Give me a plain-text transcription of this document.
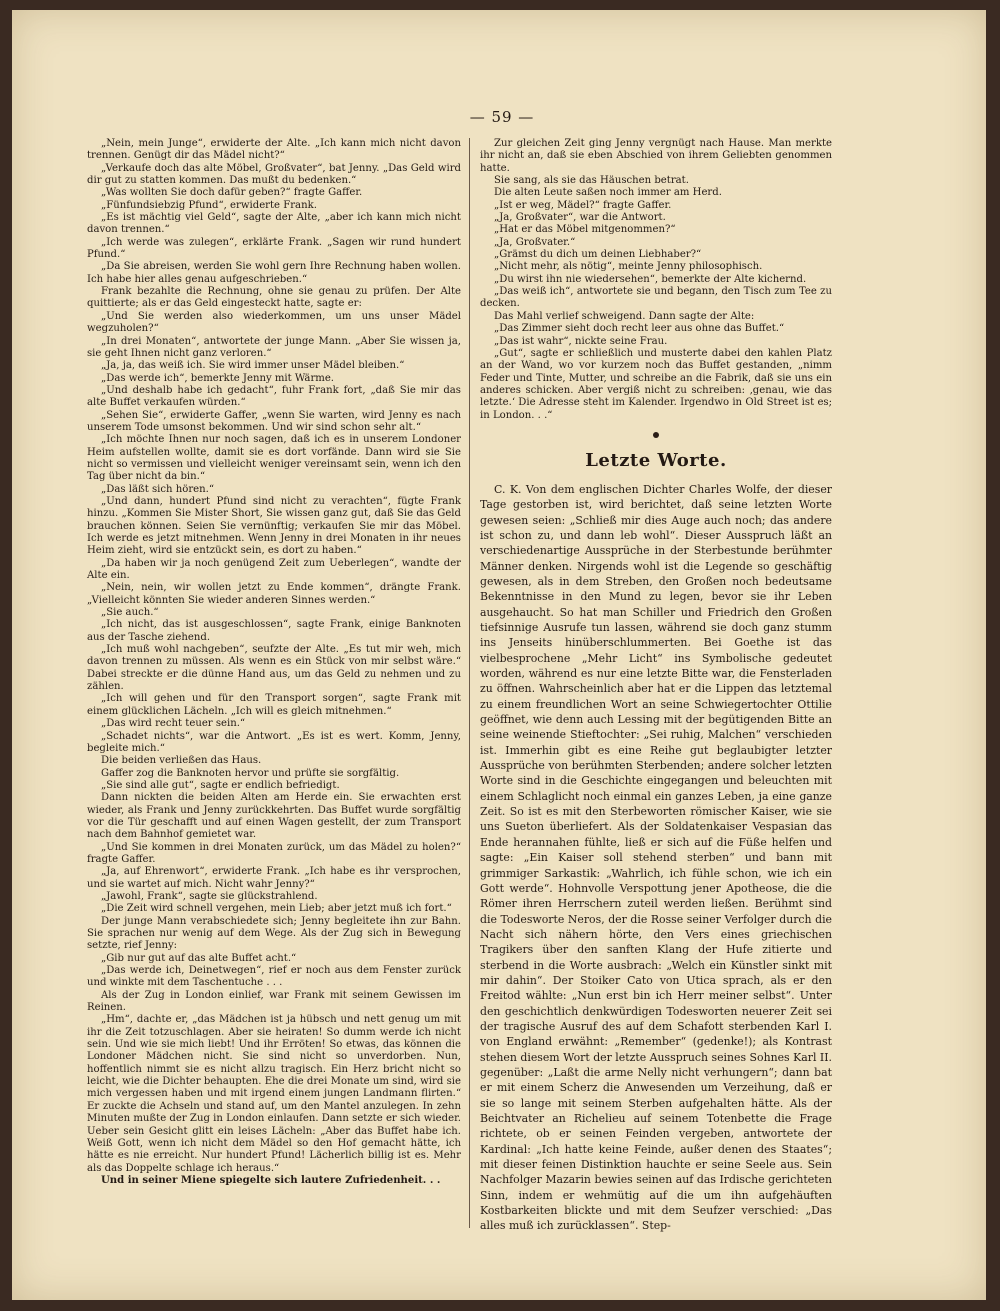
— 59 —

„Nein, mein Junge“, erwiderte der Alte. „Ich kann mich nicht davon trennen. Genügt dir das Mädel nicht?“

„Verkaufe doch das alte Möbel, Großvater“, bat Jenny. „Das Geld wird dir gut zu statten kommen. Das mußt du bedenken.“

„Was wollten Sie doch dafür geben?“ fragte Gaffer.

„Fünfundsiebzig Pfund“, erwiderte Frank.

„Es ist mächtig viel Geld“, sagte der Alte, „aber ich kann mich nicht davon trennen.“

„Ich werde was zulegen“, erklärte Frank. „Sagen wir rund hundert Pfund.“

„Da Sie abreisen, werden Sie wohl gern Ihre Rechnung haben wollen. Ich habe hier alles genau aufgeschrieben.“

Frank bezahlte die Rechnung, ohne sie genau zu prüfen. Der Alte quittierte; als er das Geld eingesteckt hatte, sagte er:

„Und Sie werden also wiederkommen, um uns unser Mädel wegzuholen?“

„In drei Monaten“, antwortete der junge Mann. „Aber Sie wissen ja, sie geht Ihnen nicht ganz verloren.“

„Ja, ja, das weiß ich. Sie wird immer unser Mädel bleiben.“

„Das werde ich“, bemerkte Jenny mit Wärme.

„Und deshalb habe ich gedacht“, fuhr Frank fort, „daß Sie mir das alte Buffet verkaufen würden.“

„Sehen Sie“, erwiderte Gaffer, „wenn Sie warten, wird Jenny es nach unserem Tode umsonst bekommen. Und wir sind schon sehr alt.“

„Ich möchte Ihnen nur noch sagen, daß ich es in unserem Londoner Heim aufstellen wollte, damit sie es dort vorfände. Dann wird sie Sie nicht so vermissen und vielleicht weniger vereinsamt sein, wenn ich den Tag über nicht da bin.“

„Das läßt sich hören.“

„Und dann, hundert Pfund sind nicht zu verachten“, fügte Frank hinzu. „Kommen Sie Mister Short, Sie wissen ganz gut, daß Sie das Geld brauchen können. Seien Sie vernünftig; verkaufen Sie mir das Möbel. Ich werde es jetzt mitnehmen. Wenn Jenny in drei Monaten in ihr neues Heim zieht, wird sie entzückt sein, es dort zu haben.“

„Da haben wir ja noch genügend Zeit zum Ueberlegen“, wandte der Alte ein.

„Nein, nein, wir wollen jetzt zu Ende kommen“, drängte Frank. „Vielleicht könnten Sie wieder anderen Sinnes werden.“

„Sie auch.“

„Ich nicht, das ist ausgeschlossen“, sagte Frank, einige Banknoten aus der Tasche ziehend.

„Ich muß wohl nachgeben“, seufzte der Alte. „Es tut mir weh, mich davon trennen zu müssen. Als wenn es ein Stück von mir selbst wäre.“ Dabei streckte er die dünne Hand aus, um das Geld zu nehmen und zu zählen.

„Ich will gehen und für den Transport sorgen“, sagte Frank mit einem glücklichen Lächeln. „Ich will es gleich mitnehmen.“

„Das wird recht teuer sein.“

„Schadet nichts“, war die Antwort. „Es ist es wert. Komm, Jenny, begleite mich.“

Die beiden verließen das Haus.

Gaffer zog die Banknoten hervor und prüfte sie sorgfältig.

„Sie sind alle gut“, sagte er endlich befriedigt.

Dann nickten die beiden Alten am Herde ein. Sie erwachten erst wieder, als Frank und Jenny zurückkehrten. Das Buffet wurde sorgfältig vor die Tür geschafft und auf einen Wagen gestellt, der zum Transport nach dem Bahnhof gemietet war.

„Und Sie kommen in drei Monaten zurück, um das Mädel zu holen?“ fragte Gaffer.

„Ja, auf Ehrenwort“, erwiderte Frank. „Ich habe es ihr versprochen, und sie wartet auf mich. Nicht wahr Jenny?“

„Jawohl, Frank“, sagte sie glückstrahlend.

„Die Zeit wird schnell vergehen, mein Lieb; aber jetzt muß ich fort.“

Der junge Mann verabschiedete sich; Jenny begleitete ihn zur Bahn. Sie sprachen nur wenig auf dem Wege. Als der Zug sich in Bewegung setzte, rief Jenny:

„Gib nur gut auf das alte Buffet acht.“

„Das werde ich, Deinetwegen“, rief er noch aus dem Fenster zurück und winkte mit dem Taschentuche . . .

Als der Zug in London einlief, war Frank mit seinem Gewissen im Reinen.

„Hm“, dachte er, „das Mädchen ist ja hübsch und nett genug um mit ihr die Zeit totzuschlagen. Aber sie heiraten! So dumm werde ich nicht sein. Und wie sie mich liebt! Und ihr Erröten! So etwas, das können die Londoner Mädchen nicht. Sie sind nicht so unverdorben. Nun, hoffentlich nimmt sie es nicht allzu tragisch. Ein Herz bricht nicht so leicht, wie die Dichter behaupten. Ehe die drei Monate um sind, wird sie mich vergessen haben und mit irgend einem jungen Landmann flirten.“ Er zuckte die Achseln und stand auf, um den Mantel anzulegen. In zehn Minuten mußte der Zug in London einlaufen. Dann setzte er sich wieder. Ueber sein Gesicht glitt ein leises Lächeln: „Aber das Buffet habe ich. Weiß Gott, wenn ich nicht dem Mädel so den Hof gemacht hätte, ich hätte es nie erreicht. Nur hundert Pfund! Lächerlich billig ist es. Mehr als das Doppelte schlage ich heraus.“

Und in seiner Miene spiegelte sich lautere Zufriedenheit. . .

Zur gleichen Zeit ging Jenny vergnügt nach Hause. Man merkte ihr nicht an, daß sie eben Abschied von ihrem Geliebten genommen hatte.

Sie sang, als sie das Häuschen betrat.

Die alten Leute saßen noch immer am Herd.

„Ist er weg, Mädel?“ fragte Gaffer.

„Ja, Großvater“, war die Antwort.

„Hat er das Möbel mitgenommen?“

„Ja, Großvater.“

„Grämst du dich um deinen Liebhaber?“

„Nicht mehr, als nötig“, meinte Jenny philosophisch.

„Du wirst ihn nie wiedersehen“, bemerkte der Alte kichernd.

„Das weiß ich“, antwortete sie und begann, den Tisch zum Tee zu decken.

Das Mahl verlief schweigend. Dann sagte der Alte:

„Das Zimmer sieht doch recht leer aus ohne das Buffet.“

„Das ist wahr“, nickte seine Frau.

„Gut“, sagte er schließlich und musterte dabei den kahlen Platz an der Wand, wo vor kurzem noch das Buffet gestanden, „nimm Feder und Tinte, Mutter, und schreibe an die Fabrik, daß sie uns ein anderes schicken. Aber vergiß nicht zu schreiben: ‚genau, wie das letzte.‘ Die Adresse steht im Kalender. Irgendwo in Old Street ist es; in London. . .“

Letzte Worte.

C. K. Von dem englischen Dichter Charles Wolfe, der dieser Tage gestorben ist, wird berichtet, daß seine letzten Worte gewesen seien: „Schließ mir dies Auge auch noch; das andere ist schon zu, und dann leb wohl“. Dieser Ausspruch läßt an verschiedenartige Aussprüche in der Sterbestunde berühmter Männer denken. Nirgends wohl ist die Legende so geschäftig gewesen, als in dem Streben, den Großen noch bedeutsame Bekenntnisse in den Mund zu legen, bevor sie ihr Leben ausgehaucht. So hat man Schiller und Friedrich den Großen tiefsinnige Ausrufe tun lassen, während sie doch ganz stumm ins Jenseits hinüberschlummerten. Bei Goethe ist das vielbesprochene „Mehr Licht“ ins Symbolische gedeutet worden, während es nur eine letzte Bitte war, die Fensterladen zu öffnen. Wahrscheinlich aber hat er die Lippen das letztemal zu einem freundlichen Wort an seine Schwiegertochter Ottilie geöffnet, wie denn auch Lessing mit der begütigenden Bitte an seine weinende Stieftochter: „Sei ruhig, Malchen“ verschieden ist. Immerhin gibt es eine Reihe gut beglaubigter letzter Aussprüche von berühmten Sterbenden; andere solcher letzten Worte sind in die Geschichte eingegangen und beleuchten mit einem Schlaglicht noch einmal ein ganzes Leben, ja eine ganze Zeit. So ist es mit den Sterbeworten römischer Kaiser, wie sie uns Sueton überliefert. Als der Soldatenkaiser Vespasian das Ende herannahen fühlte, ließ er sich auf die Füße helfen und sagte: „Ein Kaiser soll stehend sterben“ und bann mit grimmiger Sarkastik: „Wahrlich, ich fühle schon, wie ich ein Gott werde“. Hohnvolle Verspottung jener Apotheose, die die Römer ihren Herrschern zuteil werden ließen. Berühmt sind die Todesworte Neros, der die Rosse seiner Verfolger durch die Nacht sich nähern hörte, den Vers eines griechischen Tragikers über den sanften Klang der Hufe zitierte und sterbend in die Worte ausbrach: „Welch ein Künstler sinkt mit mir dahin“. Der Stoiker Cato von Utica sprach, als er den Freitod wählte: „Nun erst bin ich Herr meiner selbst“. Unter den geschichtlich denkwürdigen Todesworten neuerer Zeit sei der tragische Ausruf des auf dem Schafott sterbenden Karl I. von England erwähnt: „Remember“ (gedenke!); als Kontrast stehen diesem Wort der letzte Ausspruch seines Sohnes Karl II. gegenüber: „Laßt die arme Nelly nicht verhungern“; dann bat er mit einem Scherz die Anwesenden um Verzeihung, daß er sie so lange mit seinem Sterben aufgehalten hätte. Als der Beichtvater an Richelieu auf seinem Totenbette die Frage richtete, ob er seinen Feinden vergeben, antwortete der Kardinal: „Ich hatte keine Feinde, außer denen des Staates“; mit dieser feinen Distinktion hauchte er seine Seele aus. Sein Nachfolger Mazarin bewies seinen auf das Irdische gerichteten Sinn, indem er wehmütig auf die um ihn aufgehäuften Kostbarkeiten blickte und mit dem Seufzer verschied: „Das alles muß ich zurücklassen“. Step-
